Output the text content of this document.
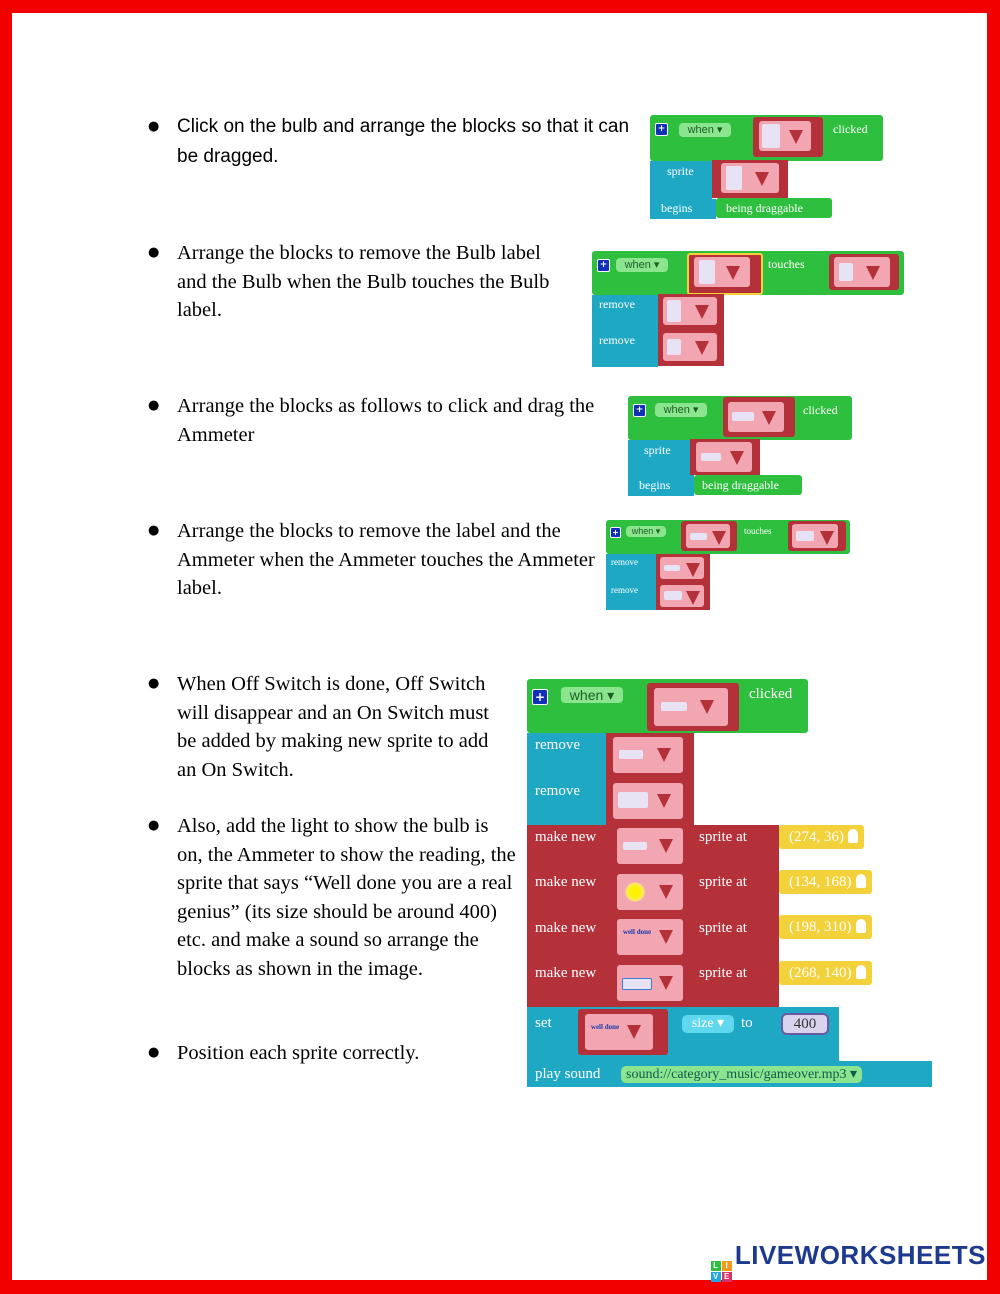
● Click on the bulb and arrange the blocks so that it can be dragged.
● Arrange the blocks to remove the Bulb label and the Bulb when the Bulb touches the Bulb label.
● Arrange the blocks as follows to click and drag the Ammeter
● Arrange the blocks to remove the label and the Ammeter when the Ammeter touches the Ammeter label.
● When Off Switch is done, Off Switch will disappear and an On Switch must be added by making new sprite to add an On Switch.
● Also, add the light to show the bulb is on, the Ammeter to show the reading, the sprite that says “Well done you are a real genius” (its size should be around 400) etc. and make a sound so arrange the blocks as shown in the image.
● Position each sprite correctly.
+	when ▾	clicked
sprite
begins	being draggable
+	when ▾	touches
remove
remove
+	when ▾	clicked
sprite
begins	being draggable
+	when ▾	touches
remove
remove
+	when ▾	clicked
remove
remove
make new	sprite at	(274, 36)
make new	sprite at	(134, 168)
make new	well done	sprite at	(198, 310)
make new	sprite at	(268, 140)
set	well done	size ▾	to	400
play sound	sound://category_music/gameover.mp3 ▾
L I
V E
LIVEWORKSHEETS
